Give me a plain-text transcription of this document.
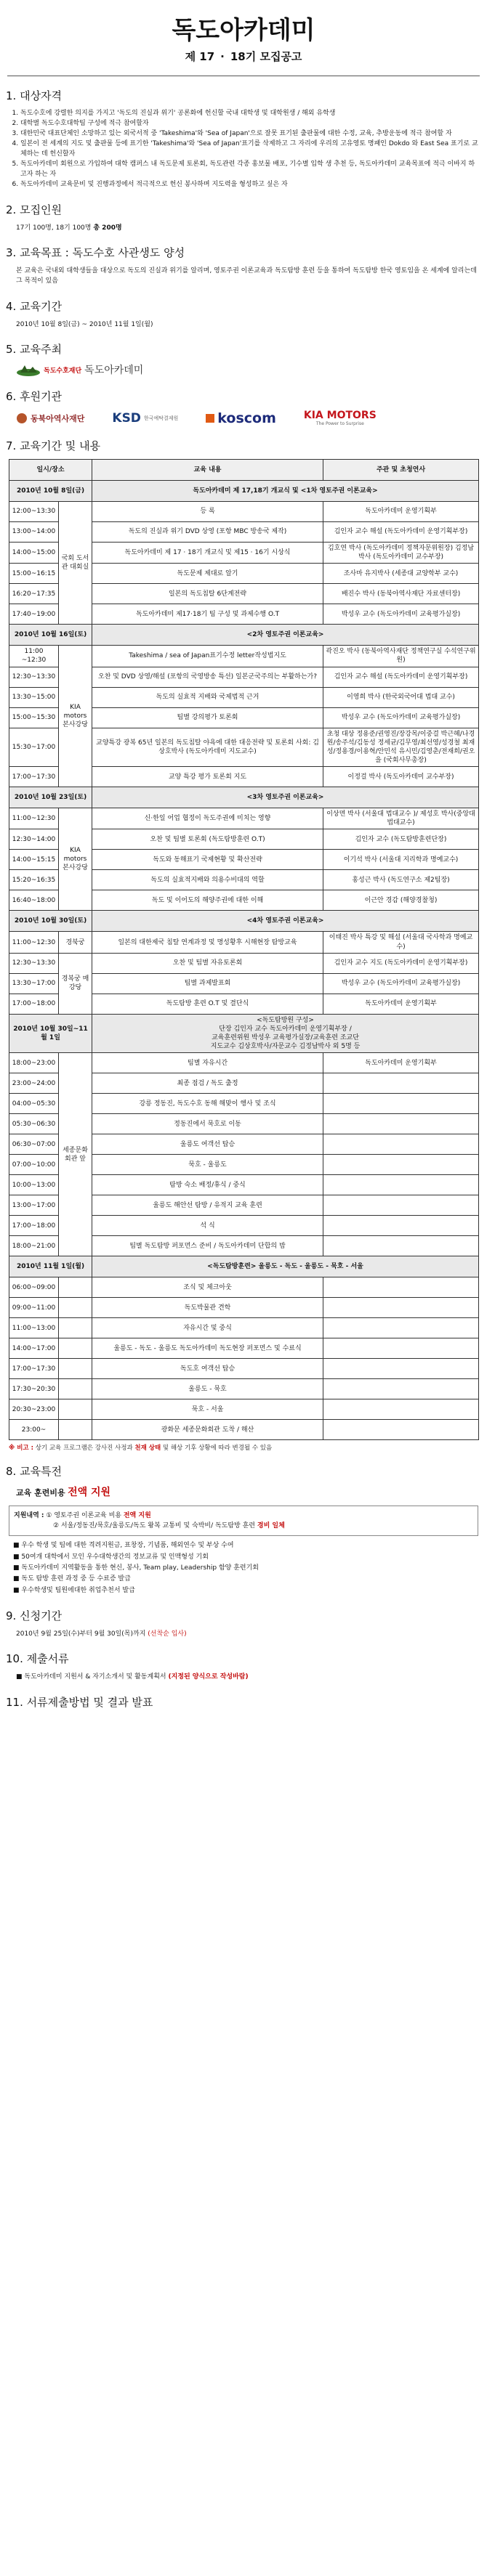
독도아카데미
제 17 · 18기 모집공고
1. 대상자격
1. 독도수호에 강렬한 의지를 가지고 '독도의 진실과 위기' 공론화에 헌신할 국내 대학생 및 대학원생 / 해외 유학생
2. 대학별 독도수호대학팀 구성에 적극 참여할자
3. 대한민국 대표단체인 소망하고 있는 외국서적 중 'Takeshima'와 'Sea of Japan'으로 잘못 표기된 출판물에 대한 수정, 교육, 추방운동에 적극 참여할 자
4. 일본이 전 세계의 지도 및 출판물 등에 표기한 'Takeshima'와 'Sea of Japan'표기를 삭제하고 그 자리에 우리의 고유영토 명패인 Dokdo 와 East Sea 표기로 교체하는 데 헌신할자
5. 독도아카데미 회원으로 가입하여 대학 캠퍼스 내 독도문제 토론회, 독도관련 각종 홍보물 배포, 기수별 입학 생 추천 등, 독도아카데미 교육목표에 적극 이바지 하고자 하는 자
6. 독도아카데미 교육문비 및 진행과정에서 적극적으로 헌신 봉사하며 지도력을 형성하고 싶은 자
2. 모집인원
17기 100명, 18기 100명 총 200명
3. 교육목표 : 독도수호 사관생도 양성
본 교육은 국내외 대학생들을 대상으로 독도의 진실과 위기를 알리며, 영토주권 이론교육과 독도탐방 훈련 등을 통하여 독도탐방 한국 영토임을 온 세계에 알리는데 그 목적이 있음
4. 교육기간
2010년 10월 8일(금) ~ 2010년 11월 1일(월)
5. 교육주최
독도수호재단 독도아카데미
6. 후원기관
동북아역사재단 KSD 한국예탁결제원	koscom	KIA MOTORS
The Power to Surprise
7. 교육기간 및 내용
일시/장소		교육 내용	주관 및 초청연사
2010년 10월 8일(금)		독도아카데미 제 17,18기 개교식 및 <1차 영토주권 이론교육>	
12:00~13:30	국회 도서관 대회실	등 록	독도아카데미 운영기획부
13:00~14:00		독도의 진실과 위기 DVD 상영 (포항 MBC 방송국 제작)	김인자 교수 해설 (독도아카데미 운영기획부장)
14:00~15:00		독도아카데미 제 17 · 18기 개교식 및 제15 · 16기 시상식	김호연 박사 (독도아카데미 정책자문위원장) 김정남 박사 (독도아카데미 교수부장)
15:00~16:15		독도문제 제대로 알기	조사마 유지박사 (세종대 교양학부 교수)
16:20~17:35		일본의 독도침탈 6단계전략	배진수 박사 (동북아역사재단 자료센터장)
17:40~19:00		독도아카데미 제17·18기 팀 구성 및 과제수행 O.T	박성우 교수 (독도아카데미 교육평가실장)
2010년 10월 16일(토)		<2차 영토주권 이론교육>	
11:00 ~12:30	KIA motors 본사강당	Takeshima / sea of Japan표기수정 letter작성법지도	곽진오 박사 (동북아역사재단 정책연구실 수석연구위원)
12:30~13:30		오찬 및 DVD 상영/해설 (포항의 국영방송 특선) 일본군국주의는 부활하는가?	김인자 교수 해설 (독도아카데미 운영기획부장)
13:30~15:00		독도의 실효적 지배와 국제법적 근거	이영희 박사 (한국외국어대 법대 교수)
15:00~15:30		팀별 강의평가 토론회	박성우 교수 (독도아카데미 교육평가실장)
15:30~17:00		교양특강 광복 65년 일본의 독도침탈 야욕에 대한 대응전략 및 토론회 사회: 김상호박사 (독도아카데미 지도교수)	초청 대상 정용준/권영진/장강목/이중걸 박근혜/나경원/송주석/김동성 정세균/김무영/최선영/성경철 최재성/정용경/이용혁/안민석 유시민/김영춘/전재희/권오을 (국회사무총장)
17:00~17:30		교양 특강 평가 토론회 지도	이정걸 박사 (독도아카데미 교수부장)
2010년 10월 23일(토)		<3차 영토주권 이론교육>	
11:00~12:30	KIA motors 본사강당	신·한일 어업 협정이 독도주권에 미치는 영향	이상면 박사 (서울대 법대교수 )/ 제성호 박사(중앙대 법대교수)
12:30~14:00		오찬 및 팀별 토론회 (독도탐방훈련 O.T)	김인자 교수 (독도탐방훈련단장)
14:00~15:15		독도와 동해표기 국제현황 및 확산전략	이기석 박사 (서울대 지리학과 명예교수)
15:20~16:35		독도의 실효적지배와 의용수비대의 역할	홍성근 박사 (독도연구소 제2팀장)
16:40~18:00		독도 및 이어도의 해양주권에 대한 이해	이근안 경감 (해양경찰청)
2010년 10월 30일(토)		<4차 영토주권 이론교육>	
11:00~12:30	경북궁	일본의 대한제국 침탈 연계과정 및 명성황후 시해현장 탐방교육	이태진 박사 특강 및 해설 (서울대 국사학과 명예교수)
12:30~13:30	경복궁 매강당	오찬 및 팀별 자유토론회	김인자 교수 지도 (독도아카데미 운영기획부장)
13:30~17:00		팀별 과제발표회	박성우 교수 (독도아카데미 교육평가실장)
17:00~18:00		독도탐방 훈련 O.T 및 결단식	독도아카데미 운영기획부
2010년 10월 30일~11월 1일		<독도탐방원 구성>
단장 김인자 교수 독도아카데미 운영기획부장 /
교육훈련위원 박성우 교육평가실장/교육훈련 조교단
지도교수 김상호박사/자문교수 김정남박사 외 5명 등	

18:00~23:00	세종문화회관 앞	팀별 자유시간	독도아카데미 운영기획부
23:00~24:00		최종 점검 / 독도 출정	
04:00~05:30		강릉 정동진, 독도수호 동해 해맞이 행사 및 조식	
05:30~06:30		정동진에서 묵호로 이동	
06:30~07:00		울릉도 여객선 탑승	
07:00~10:00		묵호 - 울릉도	
10:00~13:00		탐방 숙소 배정/휴식 / 중식	
13:00~17:00		울릉도 해안선 탐방 / 유적지 교육 훈련	
17:00~18:00		석 식	
18:00~21:00		팀별 독도탐방 퍼포먼스 준비 / 독도아카데미 단합의 밤	
2010년 11월 1일(월)		<독도탐방훈련> 울릉도 - 독도 - 울릉도 - 묵호 - 서울	
06:00~09:00		조식 및 체크아웃	
09:00~11:00		독도박물관 견학	
11:00~13:00		자유시간 및 중식	
14:00~17:00		울릉도 - 독도 - 울릉도 독도아카데미 독도현장 퍼포먼스 및 수료식	
17:00~17:30		독도호 여객선 탑승	
17:30~20:30		울릉도 - 묵호	
20:30~23:00		묵호 - 서울	
23:00~		광화문 세종문화회관 도착 / 해산	
※ 비고 : 상기 교육 프로그램은 강사진 사정과 천재 상태 및 해상 기후 상황에 따라 변경될 수 있음
8. 교육특전
교육 훈련비용 전액 지원
지원내역 : ① 영토주권 이론교육 비용 전액 지원
② 서울/정동진/묵호/울릉도/독도 왕복 교통비 및 숙박비/ 독도탐방 훈련 경비 일체
■ 우수 학생 및 팀에 대한 격려지원금, 표창장, 기념품, 해외연수 및 부상 수여
■ 50여개 대학에서 모인 우수대학생간의 정보교류 및 인맥형성 기회
■ 독도아카데미 지역활동을 통한 현신, 봉사, Team play, Leadership 함양 훈련기회
■ 독도 탐방 훈련 과정 중 등 수료증 발급
■ 우수학생및 팀원에대한 취업추천서 발급
9. 신청기간
2010년 9월 25일(수)부터 9월 30일(목)까지 (선착순 입사)
10. 제출서류
■ 독도아카데미 지원서 & 자기소개서 및 활동계획서 (지정된 양식으로 작성바람)
11. 서류제출방법 및 결과 발표
